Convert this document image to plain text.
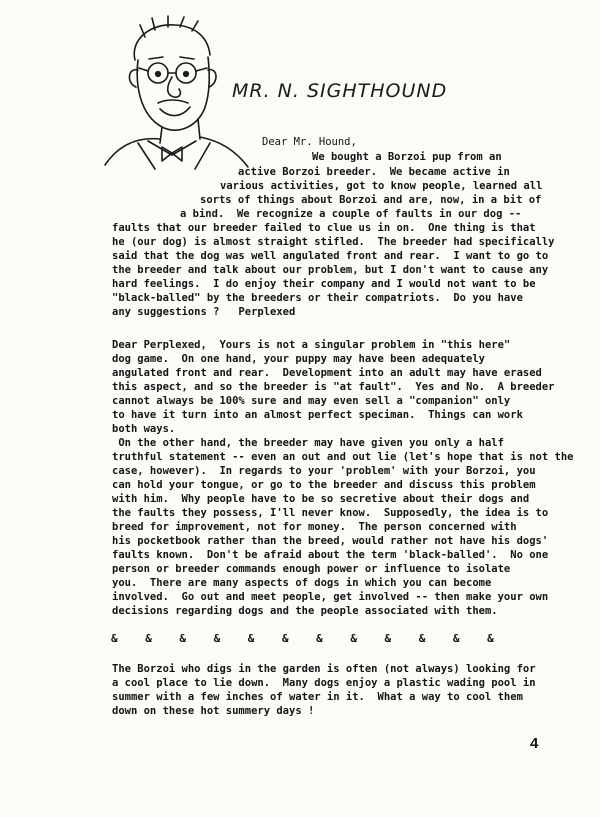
MR. N. SIGHTHOUND
Dear Mr. Hound,
We bought a Borzoi pup from an
active Borzoi breeder.  We became active in
various activities, got to know people, learned all
sorts of things about Borzoi and are, now, in a bit of
a bind.  We recognize a couple of faults in our dog --
faults that our breeder failed to clue us in on.  One thing is that
he (our dog) is almost straight stifled.  The breeder had specifically
said that the dog was well angulated front and rear.  I want to go to
the breeder and talk about our problem, but I don't want to cause any
hard feelings.  I do enjoy their company and I would not want to be
"black-balled" by the breeders or their compatriots.  Do you have
any suggestions ?   Perplexed
Dear Perplexed,  Yours is not a singular problem in "this here"
dog game.  On one hand, your puppy may have been adequately
angulated front and rear.  Development into an adult may have erased
this aspect, and so the breeder is "at fault".  Yes and No.  A breeder
cannot always be 100% sure and may even sell a "companion" only
to have it turn into an almost perfect speciman.  Things can work
both ways.
On the other hand, the breeder may have given you only a half
truthful statement -- even an out and out lie (let's hope that is not the
case, however).  In regards to your 'problem' with your Borzoi, you
can hold your tongue, or go to the breeder and discuss this problem
with him.  Why people have to be so secretive about their dogs and
the faults they possess, I'll never know.  Supposedly, the idea is to
breed for improvement, not for money.  The person concerned with
his pocketbook rather than the breed, would rather not have his dogs'
faults known.  Don't be afraid about the term 'black-balled'.  No one
person or breeder commands enough power or influence to isolate
you.  There are many aspects of dogs in which you can become
involved.  Go out and meet people, get involved -- then make your own
decisions regarding dogs and the people associated with them.
&	&	&	&	&	&	&	&	&	&	&	&
The Borzoi who digs in the garden is often (not always) looking for
a cool place to lie down.  Many dogs enjoy a plastic wading pool in
summer with a few inches of water in it.  What a way to cool them
down on these hot summery days !
4
